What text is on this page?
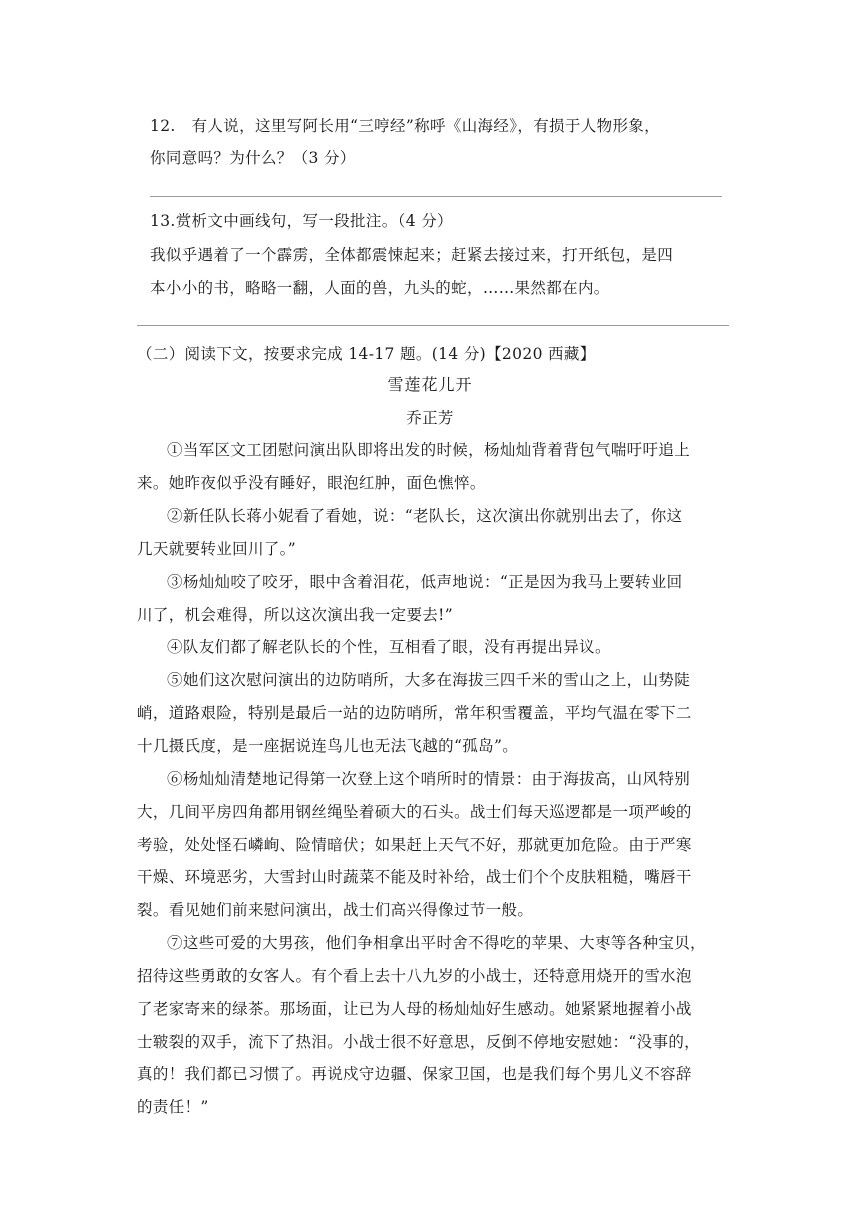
12.　有人说，这里写阿长用“三哼经”称呼《山海经》，有损于人物形象，
你同意吗？为什么？（3 分）
13.赏析文中画线句，写一段批注。（4 分）
我似乎遇着了一个霹雳，全体都震悚起来；赶紧去接过来，打开纸包，是四
本小小的书，略略一翻，人面的兽，九头的蛇，……果然都在内。
（二）阅读下文，按要求完成 14-17 题。(14 分)【2020 西藏】
雪莲花儿开
乔正芳
①当军区文工团慰问演出队即将出发的时候，杨灿灿背着背包气喘吁吁追上
来。她昨夜似乎没有睡好，眼泡红肿，面色憔悴。
②新任队长蒋小妮看了看她，说：“老队长，这次演出你就别出去了，你这
几天就要转业回川了。”
③杨灿灿咬了咬牙，眼中含着泪花，低声地说：“正是因为我马上要转业回
川了，机会难得，所以这次演出我一定要去!”
④队友们都了解老队长的个性，互相看了眼，没有再提出异议。
⑤她们这次慰问演出的边防哨所，大多在海拔三四千米的雪山之上，山势陡
峭，道路艰险，特别是最后一站的边防哨所，常年积雪覆盖，平均气温在零下二
十几摄氏度，是一座据说连鸟儿也无法飞越的“孤岛”。
⑥杨灿灿清楚地记得第一次登上这个哨所时的情景：由于海拔高，山风特别
大，几间平房四角都用钢丝绳坠着硕大的石头。战士们每天巡逻都是一项严峻的
考验，处处怪石嶙峋、险情暗伏；如果赶上天气不好，那就更加危险。由于严寒
干燥、环境恶劣，大雪封山时蔬菜不能及时补给，战士们个个皮肤粗糙，嘴唇干
裂。看见她们前来慰问演出，战士们高兴得像过节一般。
⑦这些可爱的大男孩，他们争相拿出平时舍不得吃的苹果、大枣等各种宝贝，
招待这些勇敢的女客人。有个看上去十八九岁的小战士，还特意用烧开的雪水泡
了老家寄来的绿茶。那场面，让已为人母的杨灿灿好生感动。她紧紧地握着小战
士皲裂的双手，流下了热泪。小战士很不好意思，反倒不停地安慰她：“没事的，
真的！我们都已习惯了。再说戍守边疆、保家卫国，也是我们每个男儿义不容辞
的责任！”
